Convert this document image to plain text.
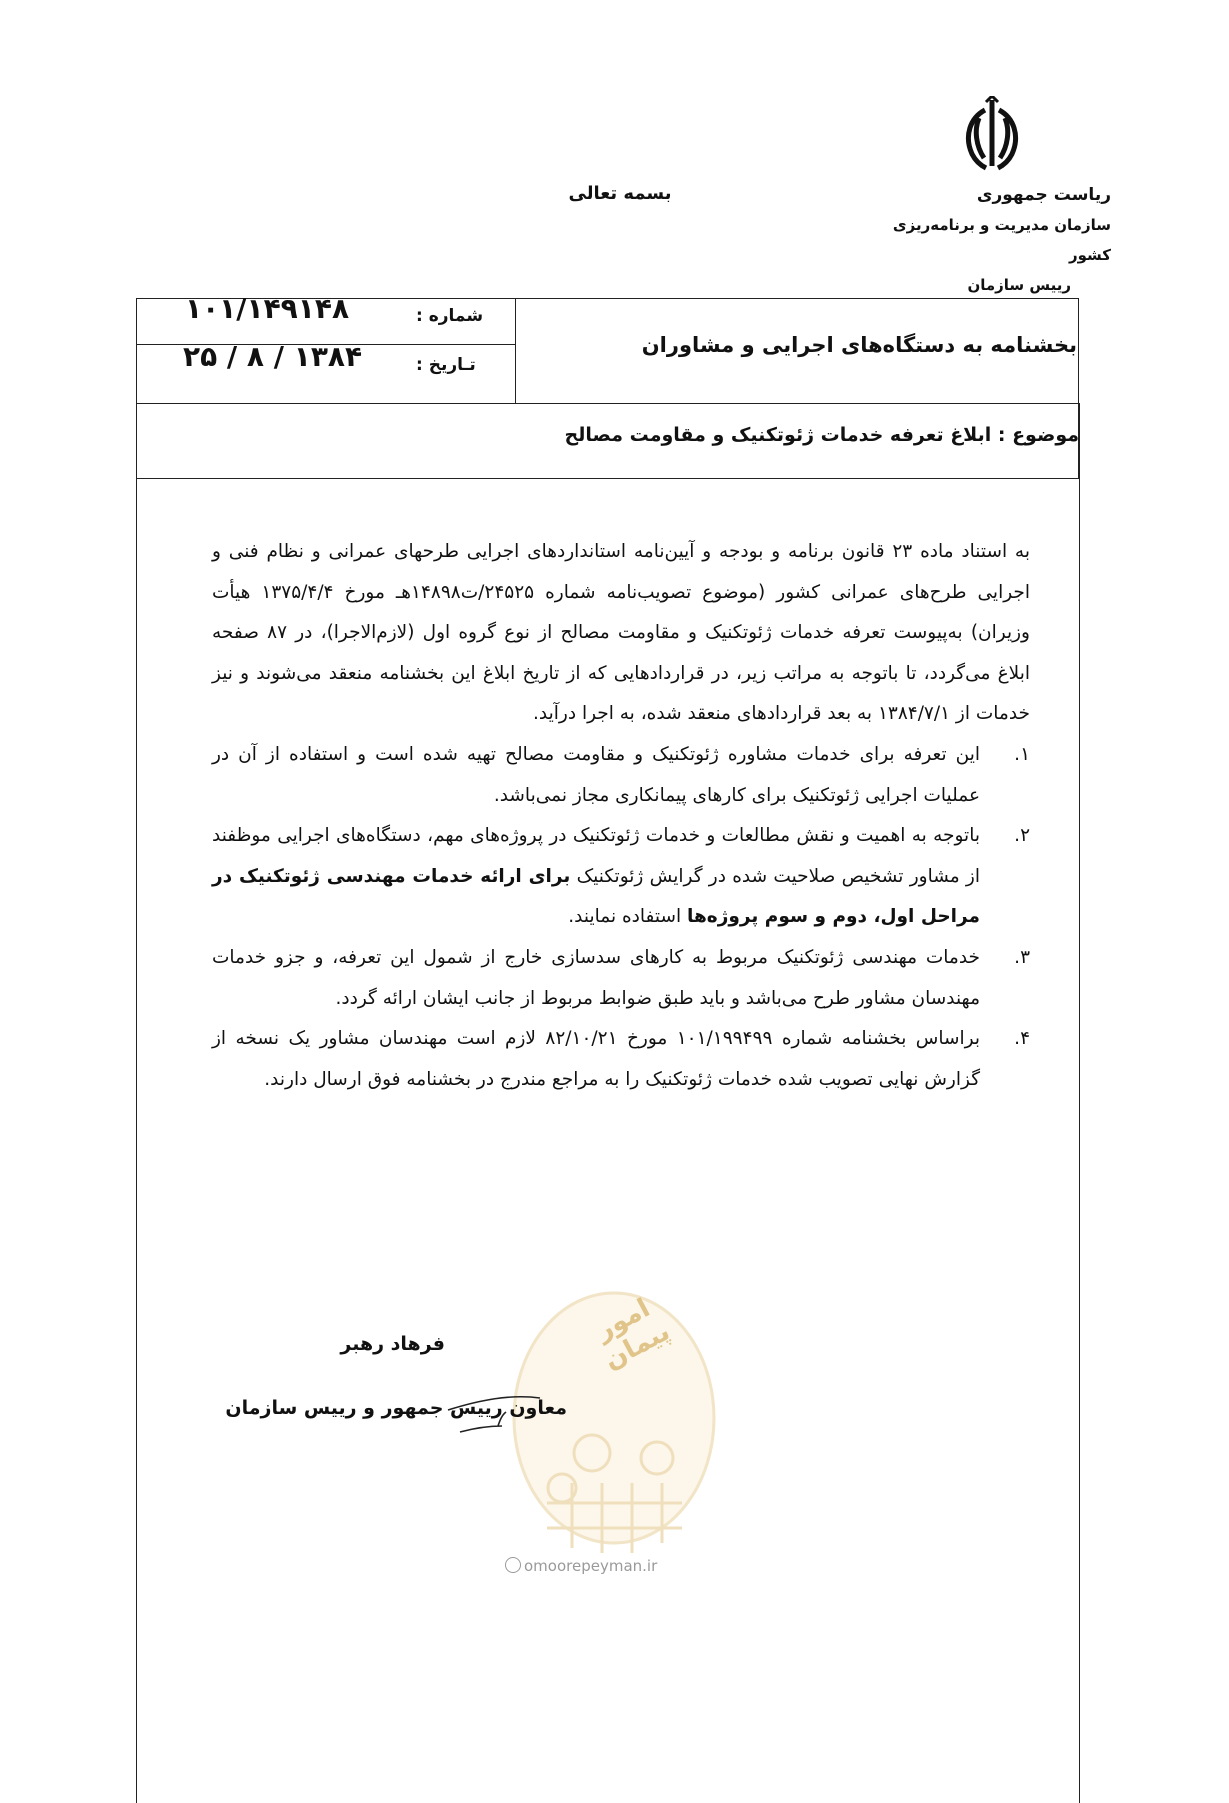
بسمه تعالی	ریاست جمهوری
سازمان مدیریت و برنامه‌ریزی کشور
رییس سازمان
شماره :
۱۰۱/۱۴۹۱۴۸
تـاریخ :
۱۳۸۴ / ۸ / ۲۵	بخشنامه به دستگاه‌های اجرایی و مشاوران
موضوع : ابلاغ تعرفه خدمات ژئوتکنیک و مقاومت مصالح

به استناد ماده ۲۳ قانون برنامه و بودجه و آیین‌نامه استانداردهای اجرایی طرحهای عمرانی و نظام فنی و اجرایی طرح‌های عمرانی کشور (موضوع تصویب‌نامه شماره ۲۴۵۲۵/ت۱۴۸۹۸هـ مورخ ۱۳۷۵/۴/۴ هیأت وزیران) به‌پیوست تعرفه خدمات ژئوتکنیک و مقاومت مصالح از نوع گروه اول (لازم‌الاجرا)، در ۸۷ صفحه ابلاغ می‌گردد، تا باتوجه به مراتب زیر، در قراردادهایی که از تاریخ ابلاغ این بخشنامه منعقد می‌شوند و نیز خدمات از ۱۳۸۴/۷/۱ به بعد قراردادهای منعقد شده، به اجرا درآید.

۱.
این تعرفه برای خدمات مشاوره ژئوتکنیک و مقاومت مصالح تهیه شده است و استفاده از آن در عملیات اجرایی ژئوتکنیک برای کارهای پیمانکاری مجاز نمی‌باشد.
۲.
باتوجه به اهمیت و نقش مطالعات و خدمات ژئوتکنیک در پروژه‌های مهم، دستگاه‌های اجرایی موظفند از مشاور تشخیص صلاحیت شده در گرایش ژئوتکنیک برای ارائه خدمات مهندسی ژئوتکنیک در مراحل اول، دوم و سوم پروژه‌ها استفاده نمایند.
۳.
خدمات مهندسی ژئوتکنیک مربوط به کارهای سدسازی خارج از شمول این تعرفه، و جزو خدمات مهندسان مشاور طرح می‌باشد و باید طبق ضوابط مربوط از جانب ایشان ارائه گردد.
۴.
براساس بخشنامه شماره ۱۰۱/۱۹۹۴۹۹ مورخ ۸۲/۱۰/۲۱ لازم است مهندسان مشاور یک نسخه از گزارش نهایی تصویب شده خدمات ژئوتکنیک را به مراجع مندرج در بخشنامه فوق ارسال دارند.
امور پیمان
فرهاد رهبر
معاون رییس جمهور و رییس سازمان
omoorepeyman.ir
